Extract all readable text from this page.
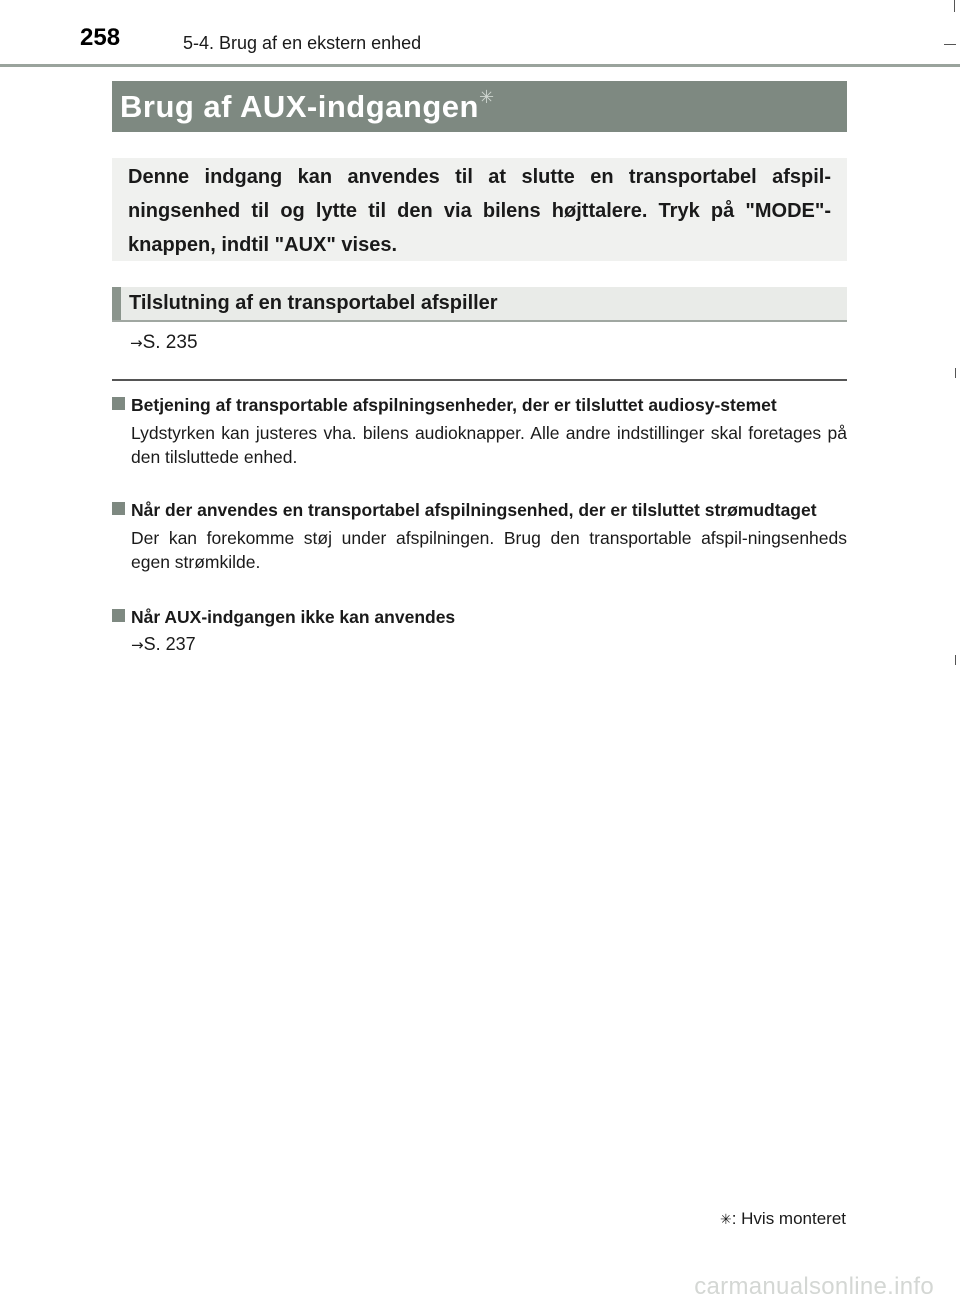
258	5-4. Brug af en ekstern enhed
Brug af AUX-indgangen✳

Denne indgang kan anvendes til at slutte en transportabel afspil-ningsenhed til og lytte til den via bilens højttalere. Tryk på "MODE"-knappen, indtil "AUX" vises.

Tilslutning af en transportabel afspiller
→S. 235

Betjening af transportable afspilningsenheder, der er tilsluttet audiosy-stemet

Lydstyrken kan justeres vha. bilens audioknapper. Alle andre indstillinger skal foretages på den tilsluttede enhed.

Når der anvendes en transportabel afspilningsenhed, der er tilsluttet strømudtaget

Der kan forekomme støj under afspilningen. Brug den transportable afspil-ningsenheds egen strømkilde.

Når AUX-indgangen ikke kan anvendes

→S. 237
✳: Hvis monteret
carmanualsonline.info
